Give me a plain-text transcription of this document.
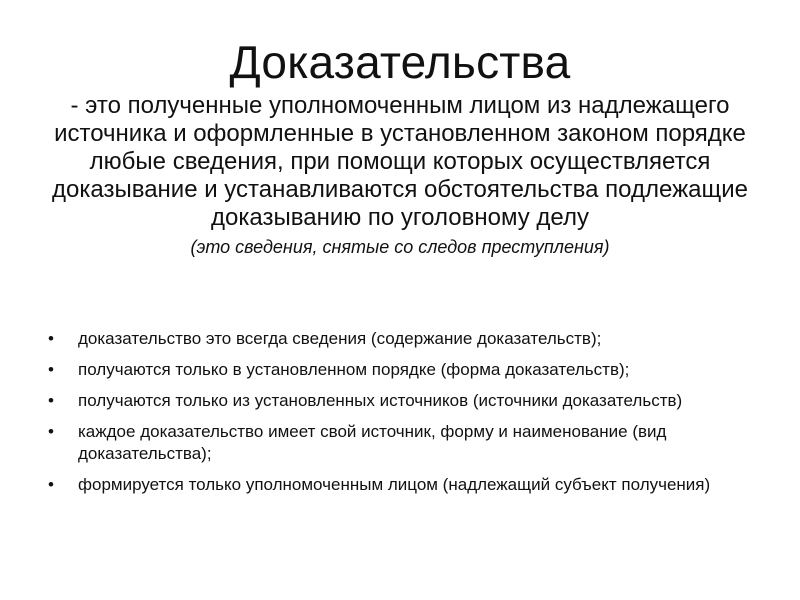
Доказательства

- это полученные уполномоченным лицом из надлежащего источника и оформленные в установленном законом порядке любые сведения, при помощи которых осуществляется доказывание и устанавливаются обстоятельства подлежащие доказыванию по уголовному делу

(это сведения, снятые со следов преступления)

• доказательство это всегда сведения (содержание доказательств);
• получаются только в установленном порядке (форма доказательств);
• получаются только из установленных источников (источники доказательств)
• каждое доказательство имеет свой источник, форму и наименование (вид доказательства);
• формируется только уполномоченным лицом (надлежащий субъект получения)
